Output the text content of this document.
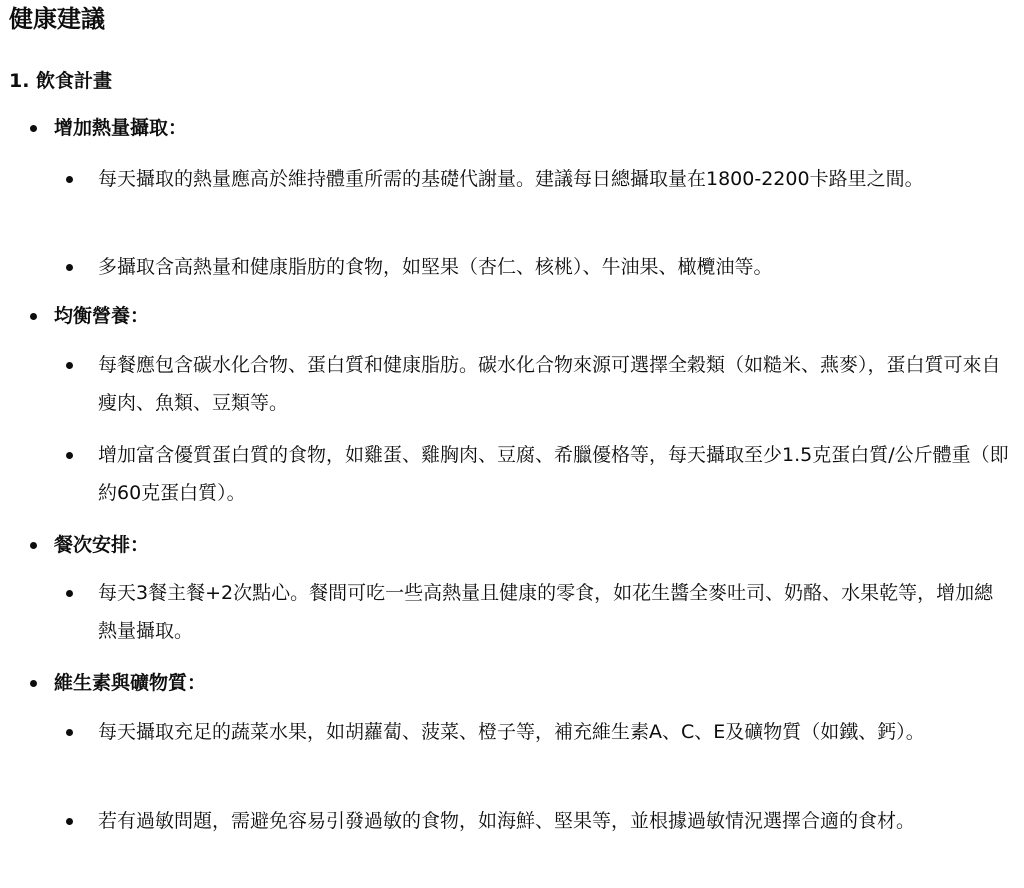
健康建議
1. 飲食計畫
增加熱量攝取：
每天攝取的熱量應高於維持體重所需的基礎代謝量。建議每日總攝取量在1800-2200卡路里之間。
多攝取含高熱量和健康脂肪的食物，如堅果（杏仁、核桃）、牛油果、橄欖油等。
均衡營養：
每餐應包含碳水化合物、蛋白質和健康脂肪。碳水化合物來源可選擇全穀類（如糙米、燕麥），蛋白質可來自瘦肉、魚類、豆類等。
增加富含優質蛋白質的食物，如雞蛋、雞胸肉、豆腐、希臘優格等，每天攝取至少1.5克蛋白質/公斤體重（即約60克蛋白質）。
餐次安排：
每天3餐主餐+2次點心。餐間可吃一些高熱量且健康的零食，如花生醬全麥吐司、奶酪、水果乾等，增加總熱量攝取。
維生素與礦物質：
每天攝取充足的蔬菜水果，如胡蘿蔔、菠菜、橙子等，補充維生素A、C、E及礦物質（如鐵、鈣）。
若有過敏問題，需避免容易引發過敏的食物，如海鮮、堅果等，並根據過敏情況選擇合適的食材。
